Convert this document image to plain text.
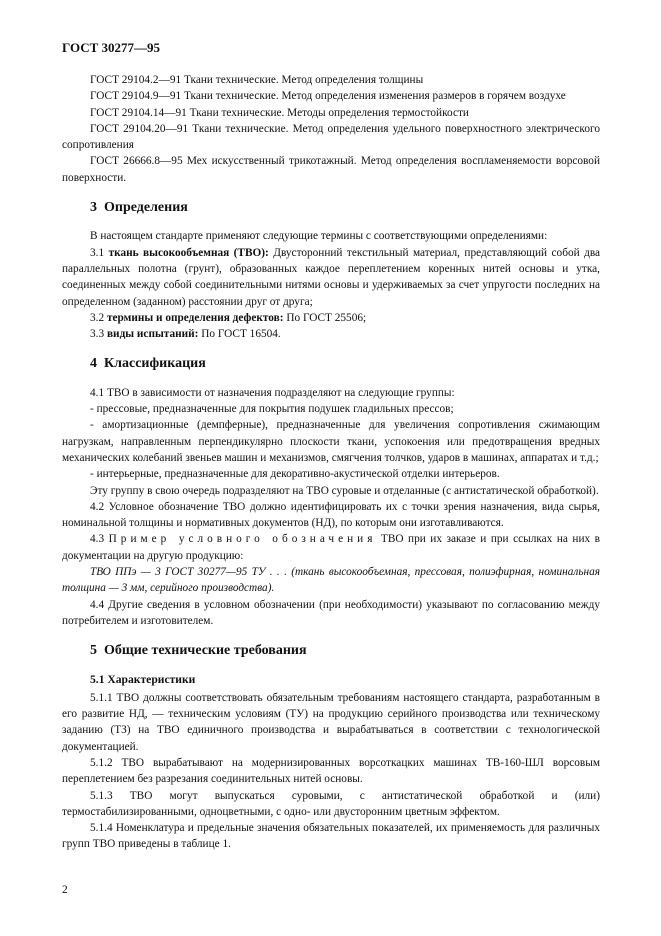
ГОСТ 30277—95

ГОСТ 29104.2—91 Ткани технические. Метод определения толщины

ГОСТ 29104.9—91 Ткани технические. Метод определения изменения размеров в горячем воздухе

ГОСТ 29104.14—91 Ткани технические. Методы определения термостойкости

ГОСТ 29104.20—91 Ткани технические. Метод определения удельного поверхностного электрического сопротивления

ГОСТ 26666.8—95 Мех искусственный трикотажный. Метод определения воспламеняемости ворсовой поверхности.

3 Определения

В настоящем стандарте применяют следующие термины с соответствующими определениями:

3.1 ткань высокообъемная (ТВО): Двусторонний текстильный материал, представляющий собой два параллельных полотна (грунт), образованных каждое переплетением коренных нитей основы и утка, соединенных между собой соединительными нитями основы и удерживаемых за счет упругости последних на определенном (заданном) расстоянии друг от друга;

3.2 термины и определения дефектов: По ГОСТ 25506;

3.3 виды испытаний: По ГОСТ 16504.

4 Классификация

4.1 ТВО в зависимости от назначения подразделяют на следующие группы:

- прессовые, предназначенные для покрытия подушек гладильных прессов;

- амортизационные (демпферные), предназначенные для увеличения сопротивления сжимающим нагрузкам, направленным перпендикулярно плоскости ткани, успокоения или предотвращения вредных механических колебаний звеньев машин и механизмов, смягчения толчков, ударов в машинах, аппаратах и т.д.;

- интерьерные, предназначенные для декоративно-акустической отделки интерьеров.

Эту группу в свою очередь подразделяют на ТВО суровые и отделанные (с антистатической обработкой).

4.2 Условное обозначение ТВО должно идентифицировать их с точки зрения назначения, вида сырья, номинальной толщины и нормативных документов (НД), по которым они изготавливаются.

4.3 Пример условного обозначения ТВО при их заказе и при ссылках на них в документации на другую продукцию:

ТВО ППэ — 3 ГОСТ 30277—95 ТУ . . . (ткань высокообъемная, прессовая, полиэфирная, номинальная толщина — 3 мм, серийного производства).

4.4 Другие сведения в условном обозначении (при необходимости) указывают по согласованию между потребителем и изготовителем.

5 Общие технические требования
5.1 Характеристики

5.1.1 ТВО должны соответствовать обязательным требованиям настоящего стандарта, разработанным в его развитие НД, — техническим условиям (ТУ) на продукцию серийного производства или техническому заданию (ТЗ) на ТВО единичного производства и вырабатываться в соответствии с технологической документацией.

5.1.2 ТВО вырабатывают на модернизированных ворсоткацких машинах ТВ-160-ШЛ ворсовым переплетением без разрезания соединительных нитей основы.

5.1.3 ТВО могут выпускаться суровыми, с антистатической обработкой и (или) термостабилизированными, одноцветными, с одно- или двусторонним цветным эффектом.

5.1.4 Номенклатура и предельные значения обязательных показателей, их применяемость для различных групп ТВО приведены в таблице 1.

2
